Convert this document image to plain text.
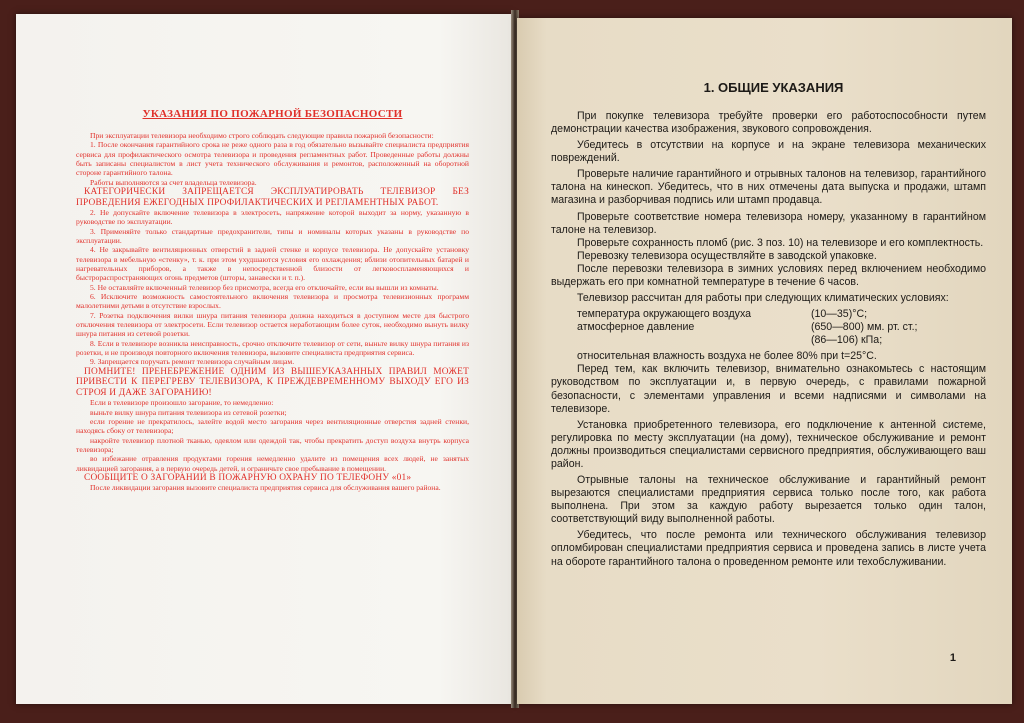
УКАЗАНИЯ ПО ПОЖАРНОЙ БЕЗОПАСНОСТИ

При эксплуатации телевизора необходимо строго соблюдать следующие правила пожарной безопасности:

1. После окончания гарантийного срока не реже одного раза в год обязательно вызывайте специалиста предприятия сервиса для профилактического осмотра телевизора и проведения регламентных работ. Проведенные работы должны быть записаны специалистом в лист учета технического обслуживания и ремонтов, расположенный на оборотной стороне гарантийного талона.

Работы выполняются за счет владельца телевизора.

КАТЕГОРИЧЕСКИ ЗАПРЕЩАЕТСЯ ЭКСПЛУАТИРОВАТЬ ТЕЛЕВИЗОР БЕЗ ПРОВЕДЕНИЯ ЕЖЕГОДНЫХ ПРОФИЛАКТИЧЕСКИХ И РЕГЛАМЕНТНЫХ РАБОТ.

2. Не допускайте включение телевизора в электросеть, напряжение которой выходит за норму, указанную в руководстве по эксплуатации.

3. Применяйте только стандартные предохранители, типы и номиналы которых указаны в руководстве по эксплуатации.

4. Не закрывайте вентиляционных отверстий в задней стенке и корпусе телевизора. Не допускайте установку телевизора в мебельную «стенку», т. к. при этом ухудшаются условия его охлаждения; вблизи отопительных батарей и нагревательных приборов, а также в непосредственной близости от легковоспламеняющихся и быстрораспространяющих огонь предметов (шторы, занавески и т. п.).

5. Не оставляйте включенный телевизор без присмотра, всегда его отключайте, если вы вышли из комнаты.

6. Исключите возможность самостоятельного включения телевизора и просмотра телевизионных программ малолетними детьми в отсутствие взрослых.

7. Розетка подключения вилки шнура питания телевизора должна находиться в доступном месте для быстрого отключения телевизора от электросети. Если телевизор остается неработающим более суток, необходимо вынуть вилку шнура питания из сетевой розетки.

8. Если в телевизоре возникла неисправность, срочно отключите телевизор от сети, выньте вилку шнура питания из розетки, и не производя повторного включения телевизора, вызовите специалиста предприятия сервиса.

9. Запрещается поручать ремонт телевизора случайным лицам.

ПОМНИТЕ! ПРЕНЕБРЕЖЕНИЕ ОДНИМ ИЗ ВЫШЕУКАЗАННЫХ ПРАВИЛ МОЖЕТ ПРИВЕСТИ К ПЕРЕГРЕВУ ТЕЛЕВИЗОРА, К ПРЕЖДЕВРЕМЕННОМУ ВЫХОДУ ЕГО ИЗ СТРОЯ И ДАЖЕ ЗАГОРАНИЮ!

Если в телевизоре произошло загорание, то немедленно:

выньте вилку шнура питания телевизора из сетевой розетки;

если горение не прекратилось, залейте водой место загорания через вентиляционные отверстия задней стенки, находясь сбоку от телевизора;

накройте телевизор плотной тканью, одеялом или одеждой так, чтобы прекратить доступ воздуха внутрь корпуса телевизора;

во избежание отравления продуктами горения немедленно удалите из помещения всех людей, не занятых ликвидацией загорания, а в первую очередь детей, и ограничьте свое пребывание в помещении.

СООБЩИТЕ О ЗАГОРАНИИ В ПОЖАРНУЮ ОХРАНУ ПО ТЕЛЕФОНУ «01»

После ликвидации загорания вызовите специалиста предприятия сервиса для обслуживания вашего района.

1. ОБЩИЕ УКАЗАНИЯ

При покупке телевизора требуйте проверки его работоспособности путем демонстрации качества изображения, звукового сопровождения.

Убедитесь в отсутствии на корпусе и на экране телевизора механических повреждений.

Проверьте наличие гарантийного и отрывных талонов на телевизор, гарантийного талона на кинескоп. Убедитесь, что в них отмечены дата выпуска и продажи, штамп магазина и разборчивая подпись или штамп продавца.

Проверьте соответствие номера телевизора номеру, указанному в гарантийном талоне на телевизор.

Проверьте сохранность пломб (рис. 3 поз. 10) на телевизоре и его комплектность.

Перевозку телевизора осуществляйте в заводской упаковке.

После перевозки телевизора в зимних условиях перед включением необходимо выдержать его при комнатной температуре в течение 6 часов.

Телевизор рассчитан для работы при следующих климатических условиях:

температура окружающего воздуха	(10—35)°С;
атмосферное давление	(650—800) мм. рт. ст.;
(86—106) кПа;

относительная влажность воздуха не более 80% при t=25°С.

Перед тем, как включить телевизор, внимательно ознакомьтесь с настоящим руководством по эксплуатации и, в первую очередь, с правилами пожарной безопасности, с элементами управления и всеми надписями и символами на телевизоре.

Установка приобретенного телевизора, его подключение к антенной системе, регулировка по месту эксплуатации (на дому), техническое обслуживание и ремонт должны производиться специалистами сервисного предприятия, обслуживающего ваш район.

Отрывные талоны на техническое обслуживание и гарантийный ремонт вырезаются специалистами предприятия сервиса только после того, как работа выполнена. При этом за каждую работу вырезается только один талон, соответствующий виду выполненной работы.

Убедитесь, что после ремонта или технического обслуживания телевизор опломбирован специалистами предприятия сервиса и проведена запись в листе учета на обороте гарантийного талона о проведенном ремонте или техобслуживании.

1
